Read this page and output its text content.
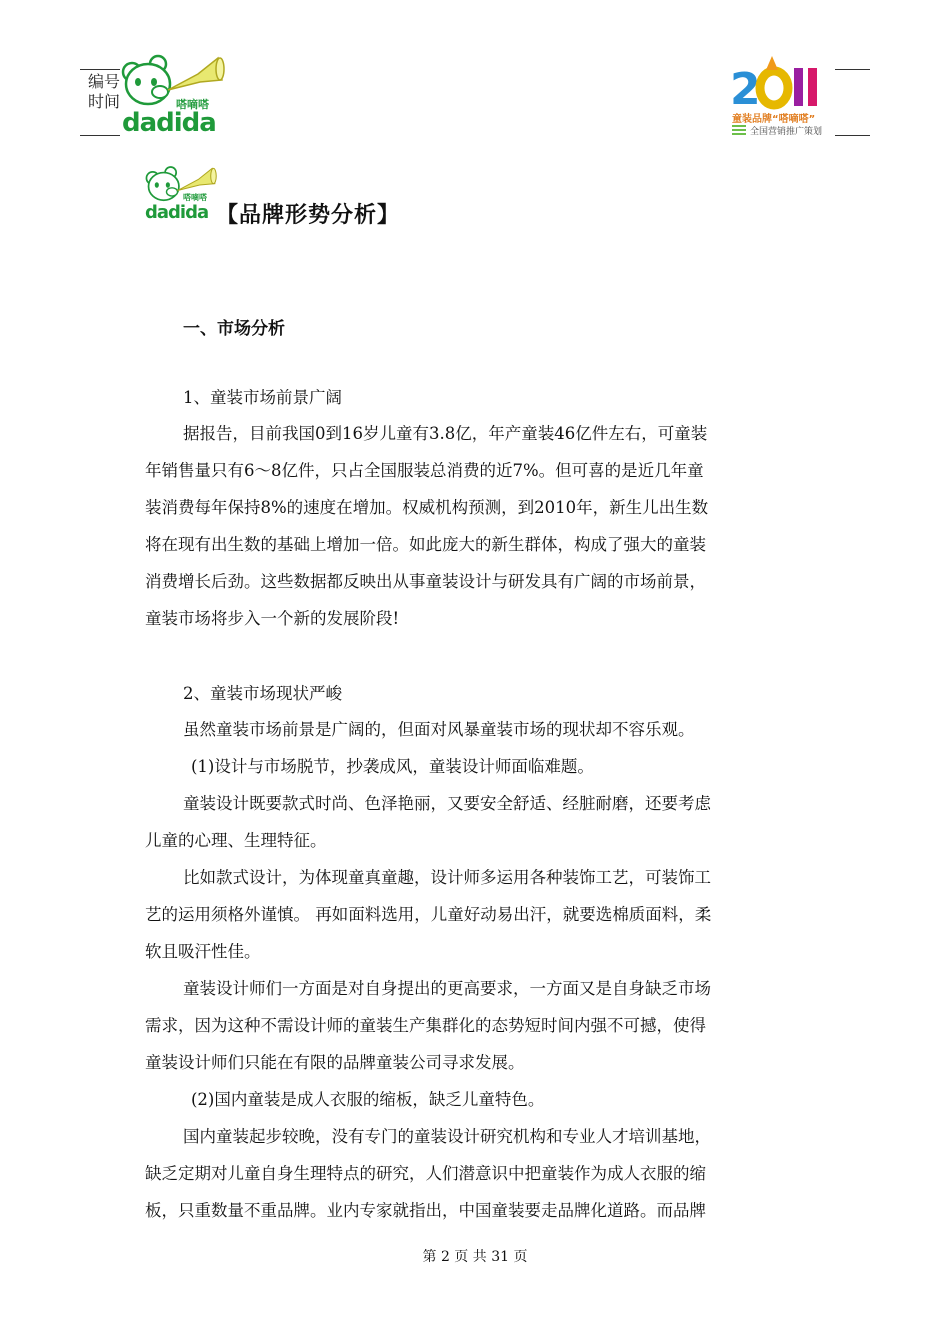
编号
时间	嗒嘀嗒
dadida
2
童装品牌“嗒嘀嗒”
全国营销推广策划
嗒嘀嗒
dadida 【品牌形势分析】
一、市场分析
1、童装市场前景广阔
据报告，目前我国0到16岁儿童有3.8亿，年产童装46亿件左右，可童装
年销售量只有6～8亿件，只占全国服装总消费的近7%。但可喜的是近几年童
装消费每年保持8%的速度在增加。权威机构预测，到2010年，新生儿出生数
将在现有出生数的基础上增加一倍。如此庞大的新生群体，构成了强大的童装
消费增长后劲。这些数据都反映出从事童装设计与研发具有广阔的市场前景，
童装市场将步入一个新的发展阶段!
2、童装市场现状严峻
虽然童装市场前景是广阔的，但面对风暴童装市场的现状却不容乐观。
(1)设计与市场脱节，抄袭成风，童装设计师面临难题。
童装设计既要款式时尚、色泽艳丽，又要安全舒适、经脏耐磨，还要考虑
儿童的心理、生理特征。
比如款式设计，为体现童真童趣，设计师多运用各种装饰工艺，可装饰工
艺的运用须格外谨慎。 再如面料选用，儿童好动易出汗，就要选棉质面料，柔
软且吸汗性佳。
童装设计师们一方面是对自身提出的更高要求，一方面又是自身缺乏市场
需求，因为这种不需设计师的童装生产集群化的态势短时间内强不可撼，使得
童装设计师们只能在有限的品牌童装公司寻求发展。
(2)国内童装是成人衣服的缩板，缺乏儿童特色。
国内童装起步较晚，没有专门的童装设计研究机构和专业人才培训基地，
缺乏定期对儿童自身生理特点的研究，人们潜意识中把童装作为成人衣服的缩
板，只重数量不重品牌。业内专家就指出，中国童装要走品牌化道路。而品牌
第 2 页 共 31 页
